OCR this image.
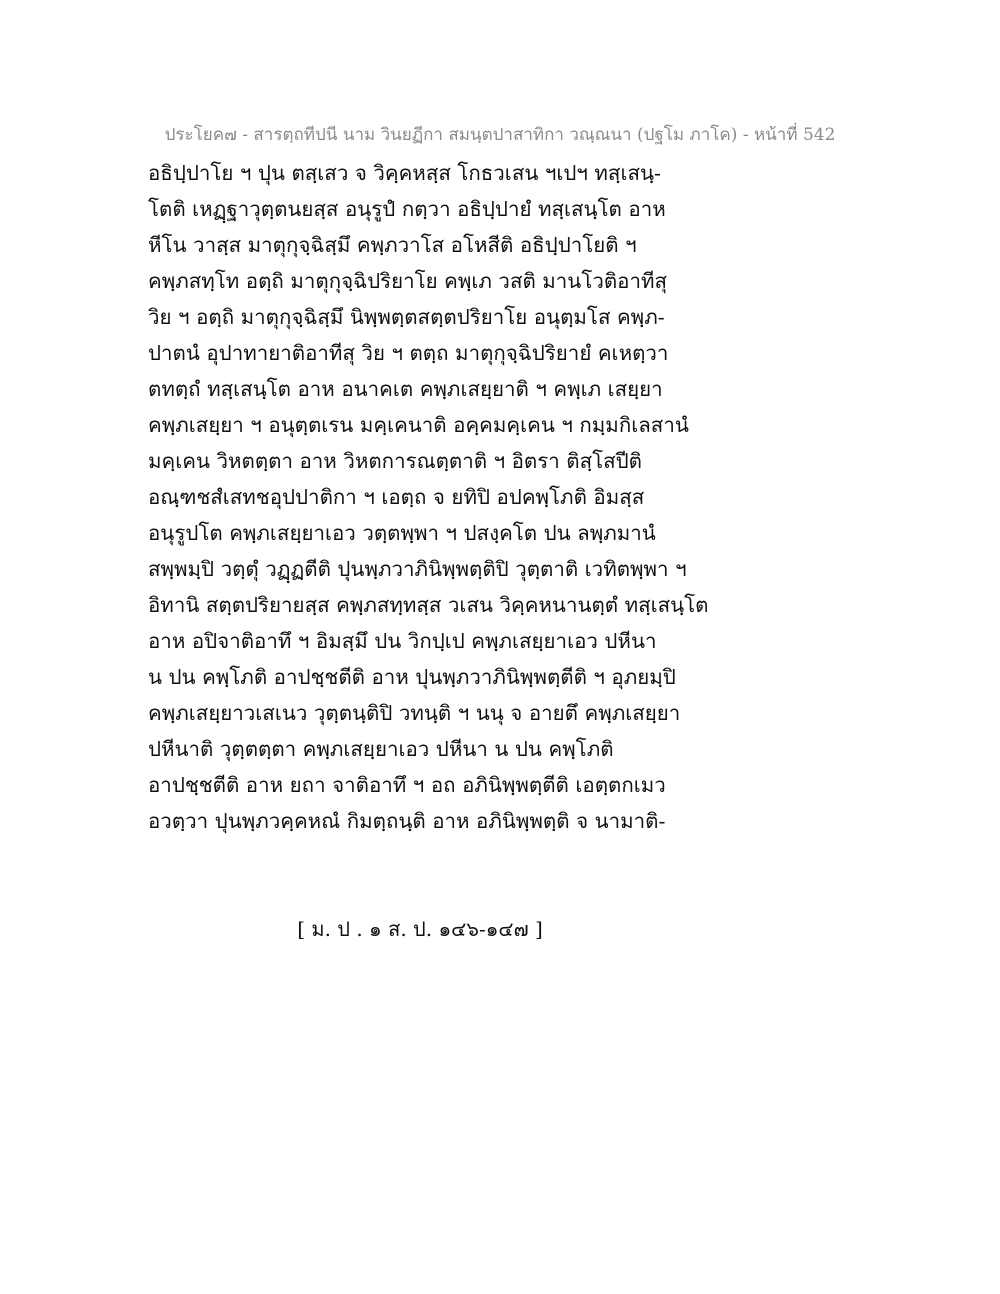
ประโยค๗ - สารตฺถทีปนี นาม วินยฏีกา สมนฺตปาสาทิกา วณฺณนา (ปฐโม ภาโค) - หน้าที่ 542
อธิปฺปาโย ฯ ปุน ตสฺเสว จ วิคฺคหสฺส โกธวเสน ฯเปฯ ทสฺเสนฺ-
โตติ เหฏฺฐาวุตฺตนยสฺส อนุรูปํ กตฺวา อธิปฺปายํ ทสฺเสนฺโต อาห
หีโน วาสฺส มาตุกุจฺฉิสฺมึ คพฺภวาโส อโหสีติ อธิปฺปาโยติ ฯ
คพฺภสทฺโท อตฺถิ มาตุกุจฺฉิปริยาโย คพฺเภ วสติ มานโวติอาทีสุ
วิย ฯ อตฺถิ มาตุกุจฺฉิสฺมึ นิพฺพตฺตสตฺตปริยาโย อนุตฺมโส คพฺภ-
ปาตนํ อุปาทายาติอาทีสุ วิย ฯ ตตฺถ มาตุกุจฺฉิปริยายํ คเหตฺวา
ตทตฺถํ ทสฺเสนฺโต อาห อนาคเต คพฺภเสยฺยาติ ฯ คพฺเภ เสยฺยา
คพฺภเสยฺยา ฯ อนุตฺตเรน มคฺเคนาติ อคฺคมคฺเคน ฯ กมฺมกิเลสานํ
มคฺเคน วิหตตฺตา อาห วิหตการณตฺตาติ ฯ อิตรา ติสฺโสปีติ
อณฺฑชสํเสทชอุปปาติกา ฯ เอตฺถ จ ยทิปิ อปคพฺโภติ อิมสฺส
อนุรูปโต คพฺภเสยฺยาเอว วตฺตพฺพา ฯ ปสงฺคโต ปน ลพฺภมานํ
สพฺพมฺปิ วตฺตุํ วฏฺฏตีติ ปุนพฺภวาภินิพฺพตฺติปิ วุตฺตาติ เวทิตพฺพา ฯ
อิทานิ สตฺตปริยายสฺส คพฺภสทฺทสฺส วเสน วิคฺคหนานตฺตํ ทสฺเสนฺโต
อาห อปิจาติอาทึ ฯ อิมสฺมึ ปน วิกปฺเป คพฺภเสยฺยาเอว ปหีนา
น ปน คพฺโภติ อาปชฺชตีติ อาห ปุนพฺภวาภินิพฺพตฺตีติ ฯ อุภยมฺปิ
คพฺภเสยฺยาวเสเนว วุตฺตนฺติปิ วทนฺติ ฯ นนุ จ อายตึ คพฺภเสยฺยา
ปหีนาติ วุตฺตตฺตา คพฺภเสยฺยาเอว ปหีนา น ปน คพฺโภติ
อาปชฺชตีติ อาห ยถา จาติอาทึ ฯ อถ อภินิพฺพตฺตีติ เอตฺตกเมว
อวตฺวา ปุนพฺภวคฺคหณํ กิมตฺถนฺติ อาห อภินิพฺพตฺติ จ นามาติ-
[ ม. ป . ๑ ส. ป. ๑๔๖-๑๔๗ ]
